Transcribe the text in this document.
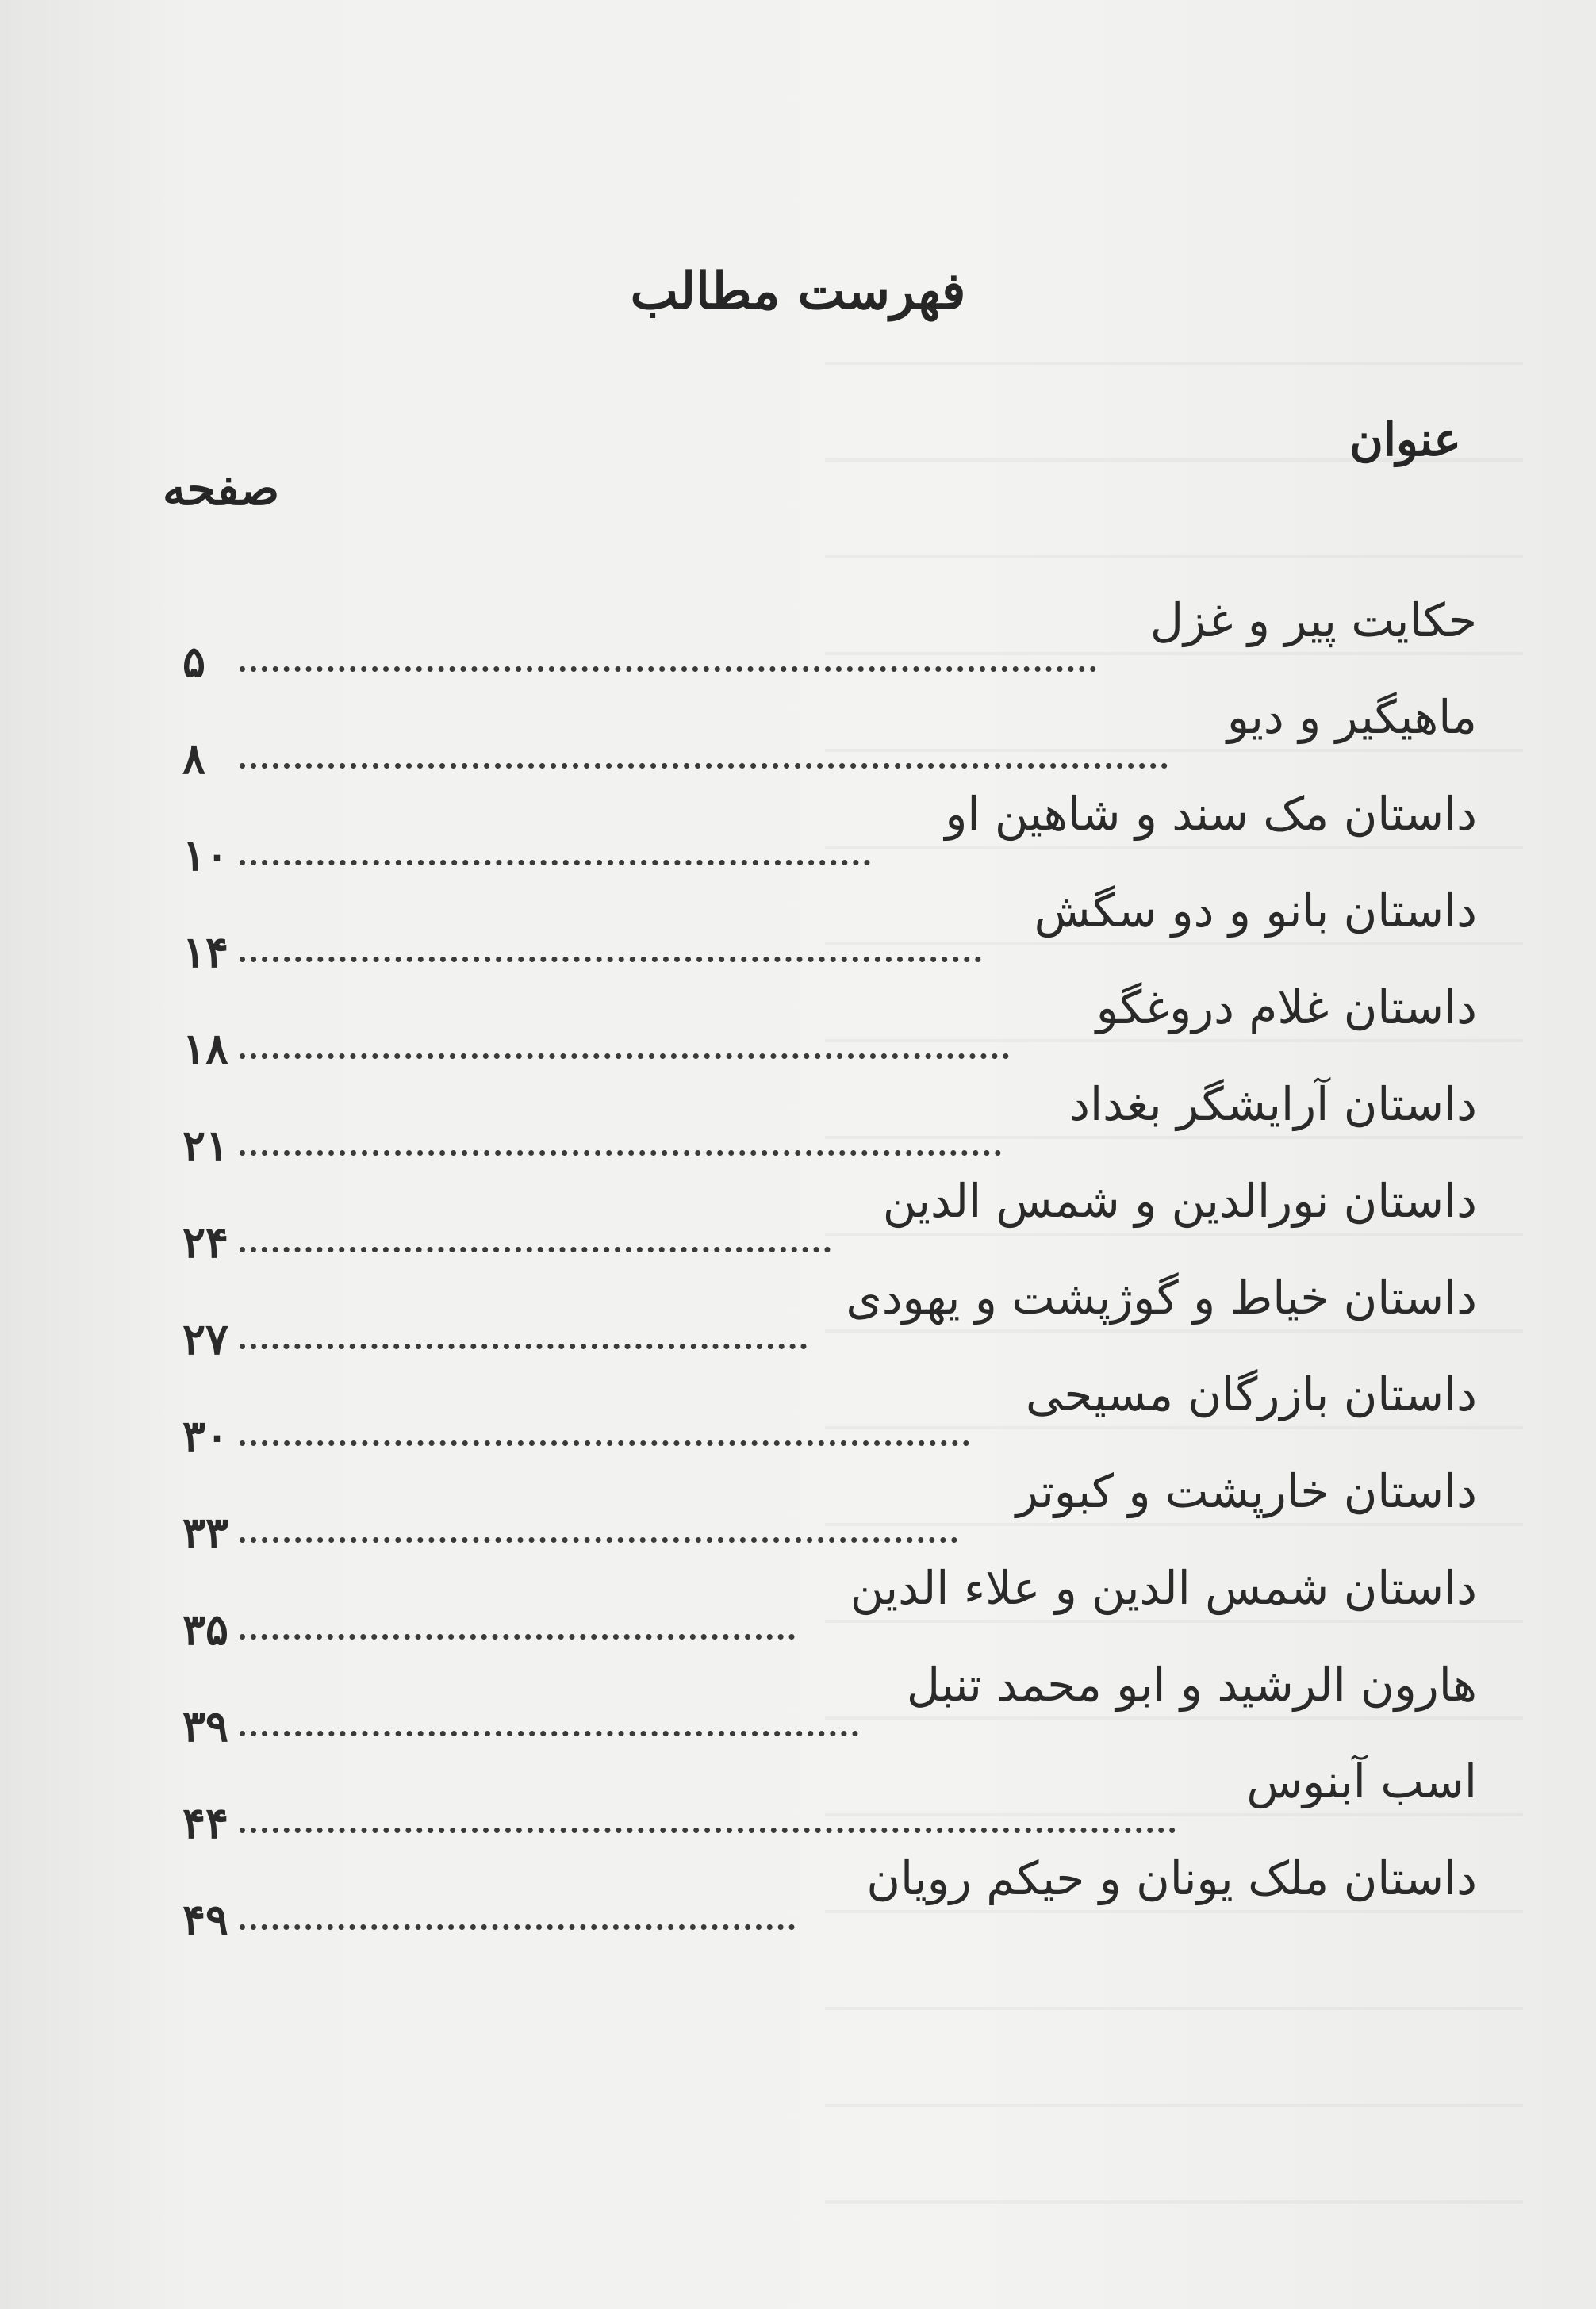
فهرست مطالب
عنوان
صفحه
حکایت پیر و غزل
۵
ماهیگیر و دیو
۸
داستان مک سند و شاهین او
۱۰
داستان بانو و دو سگش
۱۴
داستان غلام دروغگو
۱۸
داستان آرایشگر بغداد
۲۱
داستان نورالدین و شمس الدین
۲۴
داستان خیاط و گوژپشت و یهودی
۲۷
داستان بازرگان مسیحی
۳۰
داستان خارپشت و کبوتر
۳۳
داستان شمس الدین و علاء الدین
۳۵
هارون الرشید و ابو محمد تنبل
۳۹
اسب آبنوس
۴۴
داستان ملک یونان و حیکم رویان
۴۹
